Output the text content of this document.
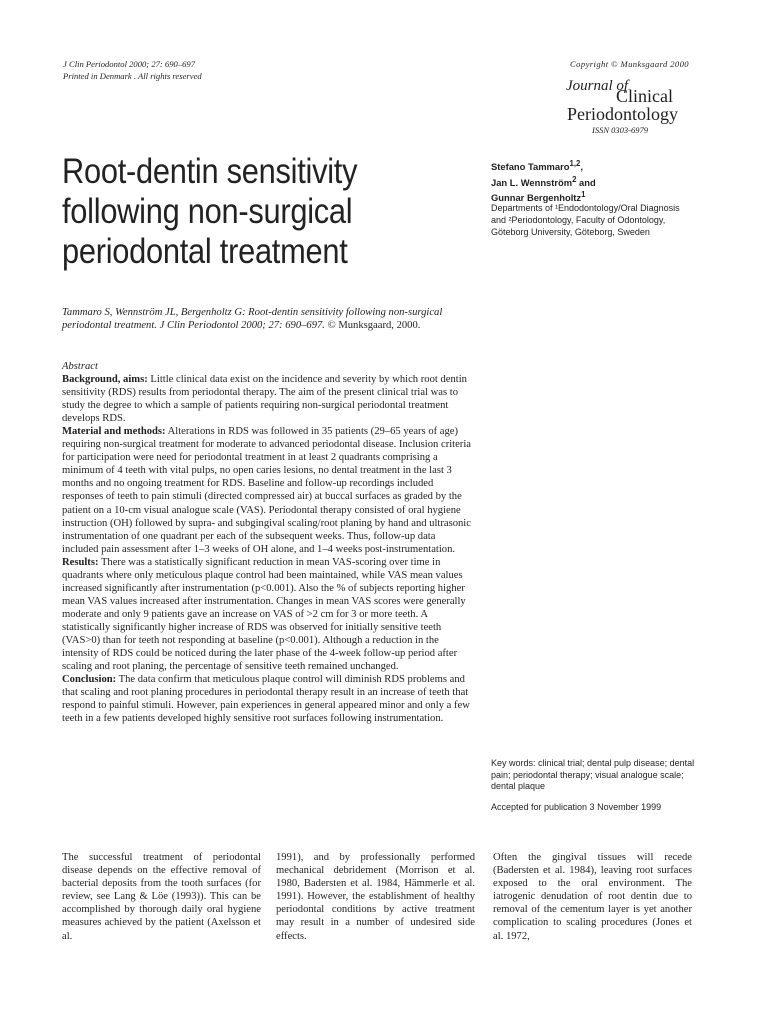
J Clin Periodontol 2000; 27: 690–697
Printed in Denmark . All rights reserved
Copyright © Munksgaard 2000
Journal of
Clinical
Periodontology
ISSN 0303-6979
Root-dentin sensitivity following non-surgical periodontal treatment
Stefano Tammaro$^{1,2}$,
Jan L. Wennström$^2$ and
Gunnar Bergenholtz$^1$
Departments of ¹Endodontology/Oral Diagnosis and ²Periodontology, Faculty of Odontology, Göteborg University, Göteborg, Sweden
Tammaro S, Wennström JL, Bergenholtz G: Root-dentin sensitivity following non-surgical periodontal treatment. J Clin Periodontol 2000; 27: 690–697. © Munksgaard, 2000.

Abstract

Background, aims: Little clinical data exist on the incidence and severity by which root dentin sensitivity (RDS) results from periodontal therapy. The aim of the present clinical trial was to study the degree to which a sample of patients requiring non-surgical periodontal treatment develops RDS.

Material and methods: Alterations in RDS was followed in 35 patients (29–65 years of age) requiring non-surgical treatment for moderate to advanced periodontal disease. Inclusion criteria for participation were need for periodontal treatment in at least 2 quadrants comprising a minimum of 4 teeth with vital pulps, no open caries lesions, no dental treatment in the last 3 months and no ongoing treatment for RDS. Baseline and follow-up recordings included responses of teeth to pain stimuli (directed compressed air) at buccal surfaces as graded by the patient on a 10-cm visual analogue scale (VAS). Periodontal therapy consisted of oral hygiene instruction (OH) followed by supra- and subgingival scaling/root planing by hand and ultrasonic instrumentation of one quadrant per each of the subsequent weeks. Thus, follow-up data included pain assessment after 1–3 weeks of OH alone, and 1–4 weeks post-instrumentation.

Results: There was a statistically significant reduction in mean VAS-scoring over time in quadrants where only meticulous plaque control had been maintained, while VAS mean values increased significantly after instrumentation (p<0.001). Also the % of subjects reporting higher mean VAS values increased after instrumentation. Changes in mean VAS scores were generally moderate and only 9 patients gave an increase on VAS of >2 cm for 3 or more teeth. A statistically significantly higher increase of RDS was observed for initially sensitive teeth (VAS>0) than for teeth not responding at baseline (p<0.001). Although a reduction in the intensity of RDS could be noticed during the later phase of the 4-week follow-up period after scaling and root planing, the percentage of sensitive teeth remained unchanged.

Conclusion: The data confirm that meticulous plaque control will diminish RDS problems and that scaling and root planing procedures in periodontal therapy result in an increase of teeth that respond to painful stimuli. However, pain experiences in general appeared minor and only a few teeth in a few patients developed highly sensitive root surfaces following instrumentation.

Key words: clinical trial; dental pulp disease; dental pain; periodontal therapy; visual analogue scale; dental plaque
Accepted for publication 3 November 1999
The successful treatment of periodontal disease depends on the effective removal of bacterial deposits from the tooth surfaces (for review, see Lang & Löe (1993)). This can be accomplished by thorough daily oral hygiene measures achieved by the patient (Axelsson et al.
1991), and by professionally performed mechanical debridement (Morrison et al. 1980, Badersten et al. 1984, Hämmerle et al. 1991). However, the establishment of healthy periodontal conditions by active treatment may result in a number of undesired side effects.
Often the gingival tissues will recede (Badersten et al. 1984), leaving root surfaces exposed to the oral environment. The iatrogenic denudation of root dentin due to removal of the cementum layer is yet another complication to scaling procedures (Jones et al. 1972,
